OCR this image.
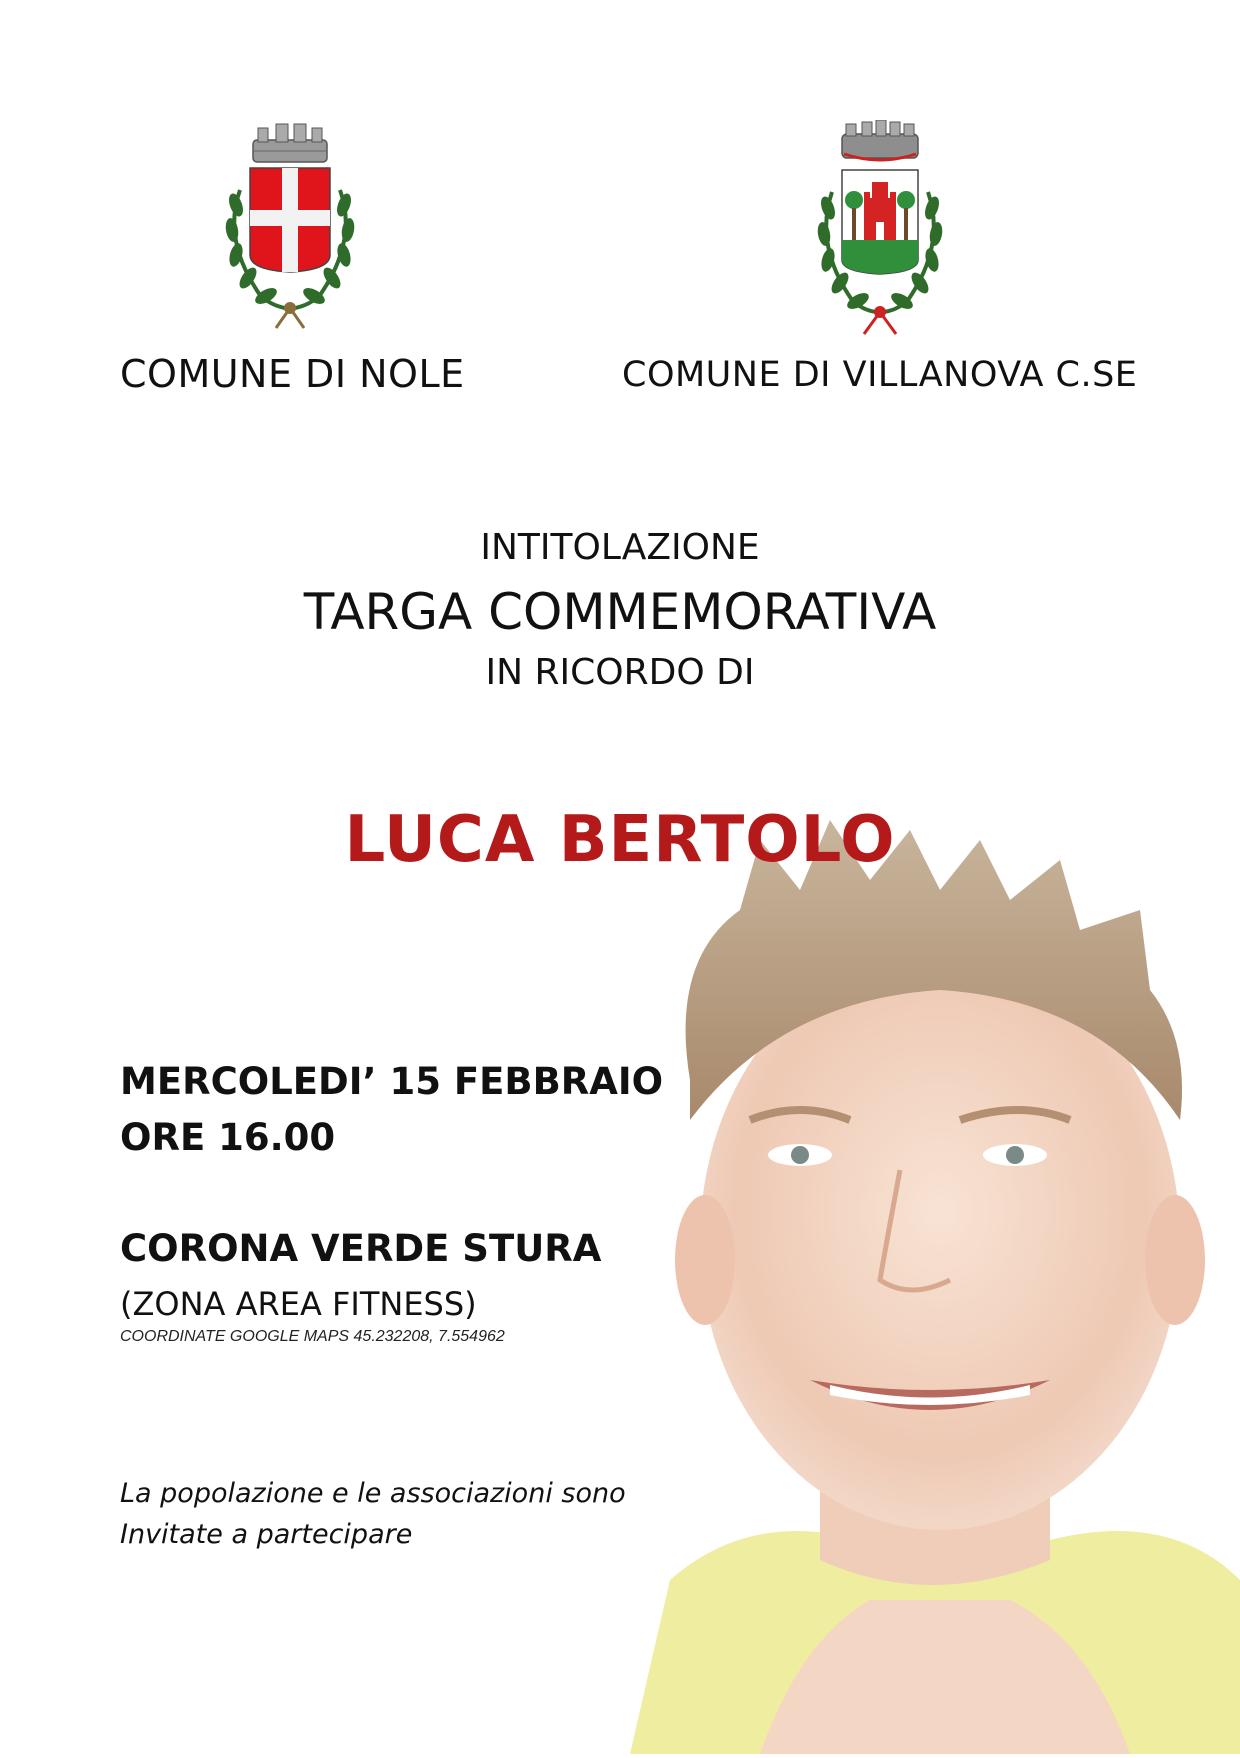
COMUNE DI NOLE	COMUNE DI VILLANOVA C.SE
INTITOLAZIONE
TARGA COMMEMORATIVA
IN RICORDO DI
LUCA BERTOLO
MERCOLEDI’ 15 FEBBRAIO
ORE 16.00
CORONA VERDE STURA
(ZONA AREA FITNESS)
COORDINATE GOOGLE MAPS 45.232208, 7.554962
La popolazione e le associazioni sono
Invitate a partecipare
